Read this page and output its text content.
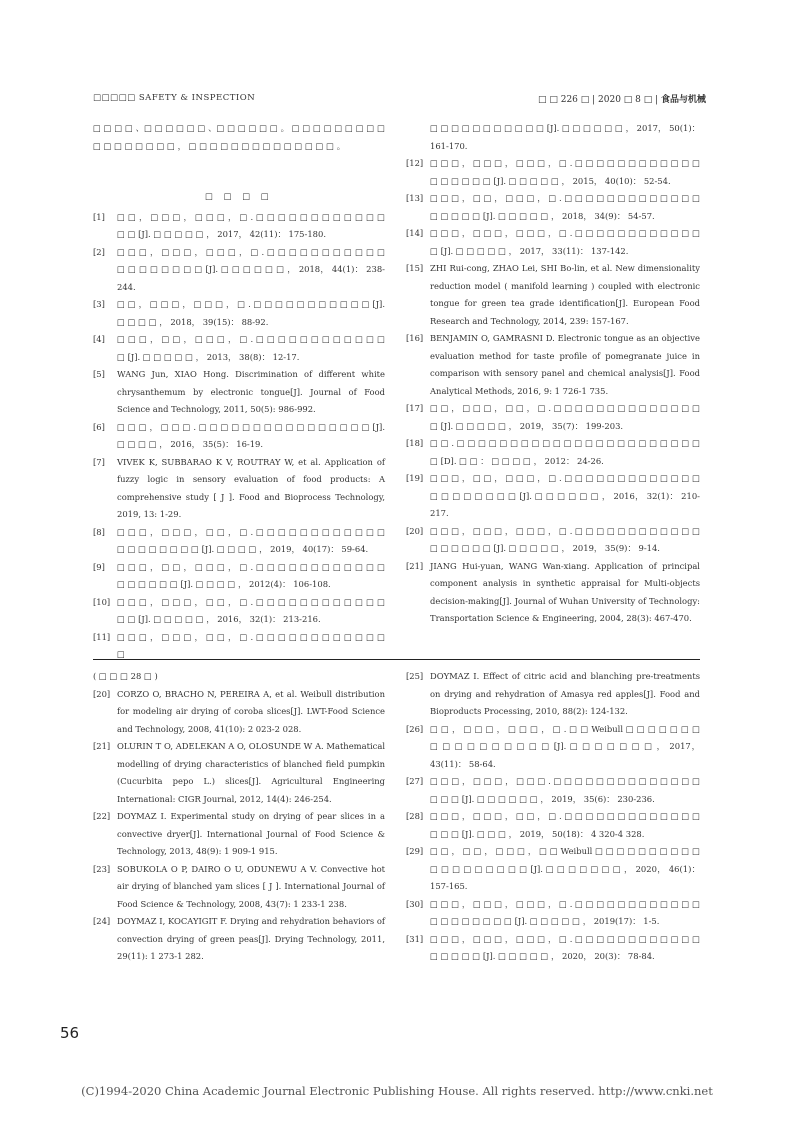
□□□□□ SAFETY & INSPECTION	□ □ 226 □ | 2020 □ 8 □ | 食品与机械

□ □ □ □ 、□ □ □ □ □ □ 、□ □ □ □ □ □ 。 □ □ □ □ □ □ □ □ □ □ □ □ □ □ □ □ □ ， □ □ □ □ □ □ □ □ □ □ □ □ □ □ 。

□ □ □ □
[1]	□ □ ， □ □ □ ， □ □ □ ， □ . □ □ □ □ □ □ □ □ □ □ □ □ □ □ [J]. □ □ □ □ □ ， 2017， 42(11)： 175-180.
[2]	□ □ □ ， □ □ □ ， □ □ □ ， □ . □ □ □ □ □ □ □ □ □ □ □ □ □ □ □ □ □ □ □ [J]. □ □ □ □ □ □ ， 2018， 44(1)： 238-244.
[3]	□ □ ， □ □ □ ， □ □ □ ， □ . □ □ □ □ □ □ □ □ □ □ □ [J]. □ □ □ □ ， 2018， 39(15)： 88-92.
[4]	□ □ □ ， □ □ ， □ □ □ ， □ . □ □ □ □ □ □ □ □ □ □ □ □ □ [J]. □ □ □ □ □ ， 2013， 38(8)： 12-17.
[5]	WANG Jun, XIAO Hong. Discrimination of different white chrysanthemum by electronic tongue[J]. Journal of Food Science and Technology, 2011, 50(5): 986-992.
[6]	□ □ □ ， □ □ □ . □ □ □ □ □ □ □ □ □ □ □ □ □ □ □ □ [J]. □ □ □ □ ， 2016， 35(5)： 16-19.
[7]	VIVEK K, SUBBARAO K V, ROUTRAY W, et al. Application of fuzzy logic in sensory evaluation of food products: A comprehensive study [ J ]. Food and Bioprocess Technology, 2019, 13: 1-29.
[8]	□ □ □ ， □ □ □ ， □ □ ， □ . □ □ □ □ □ □ □ □ □ □ □ □ □ □ □ □ □ □ □ □ [J]. □ □ □ □ ， 2019， 40(17)： 59-64.
[9]	□ □ □ ， □ □ ， □ □ □ ， □ . □ □ □ □ □ □ □ □ □ □ □ □ □ □ □ □ □ □ [J]. □ □ □ □ ， 2012(4)： 106-108.
[10] □ □ □ ， □ □ □ ， □ □ ， □ . □ □ □ □ □ □ □ □ □ □ □ □ □ □ [J]. □ □ □ □ □ ， 2016， 32(1)： 213-216.
[11] □ □ □ ， □ □ □ ， □ □ ， □ . □ □ □ □ □ □ □ □ □ □ □ □ □
□ □ □ □ □ □ □ □ □ □ □ [J]. □ □ □ □ □ □ ， 2017， 50(1)： 161-170.
[12] □ □ □ ， □ □ □ ， □ □ □ ， □ . □ □ □ □ □ □ □ □ □ □ □ □ □ □ □ □ □ □ [J]. □ □ □ □ □ ， 2015， 40(10)： 52-54.
[13] □ □ □ ， □ □ ， □ □ □ ， □ . □ □ □ □ □ □ □ □ □ □ □ □ □ □ □ □ □ □ [J]. □ □ □ □ □ ， 2018， 34(9)： 54-57.
[14] □ □ □ ， □ □ □ ， □ □ □ ， □ . □ □ □ □ □ □ □ □ □ □ □ □ □ [J]. □ □ □ □ □ ， 2017， 33(11)： 137-142.
[15] ZHI Rui-cong, ZHAO Lei, SHI Bo-lin, et al. New dimensionality reduction model ( manifold learning ) coupled with electronic tongue for green tea grade identification[J]. European Food Research and Technology, 2014, 239: 157-167.
[16] BENJAMIN O, GAMRASNI D. Electronic tongue as an objective evaluation method for taste profile of pomegranate juice in comparison with sensory panel and chemical analysis[J]. Food Analytical Methods, 2016, 9: 1 726-1 735.
[17] □ □ ， □ □ □ ， □ □ ， □ . □ □ □ □ □ □ □ □ □ □ □ □ □ □ □ [J]. □ □ □ □ □ ， 2019， 35(7)： 199-203.
[18] □ □ . □ □ □ □ □ □ □ □ □ □ □ □ □ □ □ □ □ □ □ □ □ □ □ □ [D]. □ □ ： □ □ □ □ ， 2012： 24-26.
[19] □ □ □ ， □ □ ， □ □ □ ， □ . □ □ □ □ □ □ □ □ □ □ □ □ □ □ □ □ □ □ □ □ □ [J]. □ □ □ □ □ □ ， 2016， 32(1)： 210-217.
[20] □ □ □ ， □ □ □ ， □ □ □ ， □ . □ □ □ □ □ □ □ □ □ □ □ □ □ □ □ □ □ □ [J]. □ □ □ □ □ ， 2019， 35(9)： 9-14.
[21] JIANG Hui-yuan, WANG Wan-xiang. Application of principal component analysis in synthetic appraisal for Multi-objects decision-making[J]. Journal of Wuhan University of Technology: Transportation Science & Engineering, 2004, 28(3): 467-470.
( □ □ □ 28 □ )
[20] CORZO O, BRACHO N, PEREIRA A, et al. Weibull distribution for modeling air drying of coroba slices[J]. LWT-Food Science and Technology, 2008, 41(10): 2 023-2 028.
[21] OLURIN T O, ADELEKAN A O, OLOSUNDE W A. Mathematical modelling of drying characteristics of blanched field pumpkin (Cucurbita pepo L.) slices[J]. Agricultural Engineering International: CIGR Journal, 2012, 14(4): 246-254.
[22] DOYMAZ I. Experimental study on drying of pear slices in a convective dryer[J]. International Journal of Food Science & Technology, 2013, 48(9): 1 909-1 915.
[23] SOBUKOLA O P, DAIRO O U, ODUNEWU A V. Convective hot air drying of blanched yam slices [ J ]. International Journal of Food Science & Technology, 2008, 43(7): 1 233-1 238.
[24] DOYMAZ I, KOCAYIGIT F. Drying and rehydration behaviors of convection drying of green peas[J]. Drying Technology, 2011, 29(11): 1 273-1 282.
[25] DOYMAZ I. Effect of citric acid and blanching pre-treatments on drying and rehydration of Amasya red apples[J]. Food and Bioproducts Processing, 2010, 88(2): 124-132.
[26] □ □ ， □ □ □ ， □ □ □ ， □ . □ □ Weibull □ □ □ □ □ □ □ □ □ □ □ □ □ □ □ □ □ [J]. □ □ □ □ □ □ □ ， 2017， 43(11)： 58-64.
[27] □ □ □ ， □ □ □ ， □ □ □ . □ □ □ □ □ □ □ □ □ □ □ □ □ □ □ □ □ [J]. □ □ □ □ □ □ ， 2019， 35(6)： 230-236.
[28] □ □ □ ， □ □ □ ， □ □ ， □ . □ □ □ □ □ □ □ □ □ □ □ □ □ □ □ □ [J]. □ □ □ ， 2019， 50(18)： 4 320-4 328.
[29] □ □ ， □ □ ， □ □ □ ， □ □ Weibull □ □ □ □ □ □ □ □ □ □ □ □ □ □ □ □ □ □ □ [J]. □ □ □ □ □ □ □ ， 2020， 46(1)： 157-165.
[30] □ □ □ ， □ □ □ ， □ □ □ ， □ . □ □ □ □ □ □ □ □ □ □ □ □ □ □ □ □ □ □ □ □ [J]. □ □ □ □ □ ， 2019(17)： 1-5.
[31] □ □ □ ， □ □ □ ， □ □ □ ， □ . □ □ □ □ □ □ □ □ □ □ □ □ □ □ □ □ □ [J]. □ □ □ □ □ ， 2020， 20(3)： 78-84.
56
(C)1994-2020 China Academic Journal Electronic Publishing House. All rights reserved. http://www.cnki.net
